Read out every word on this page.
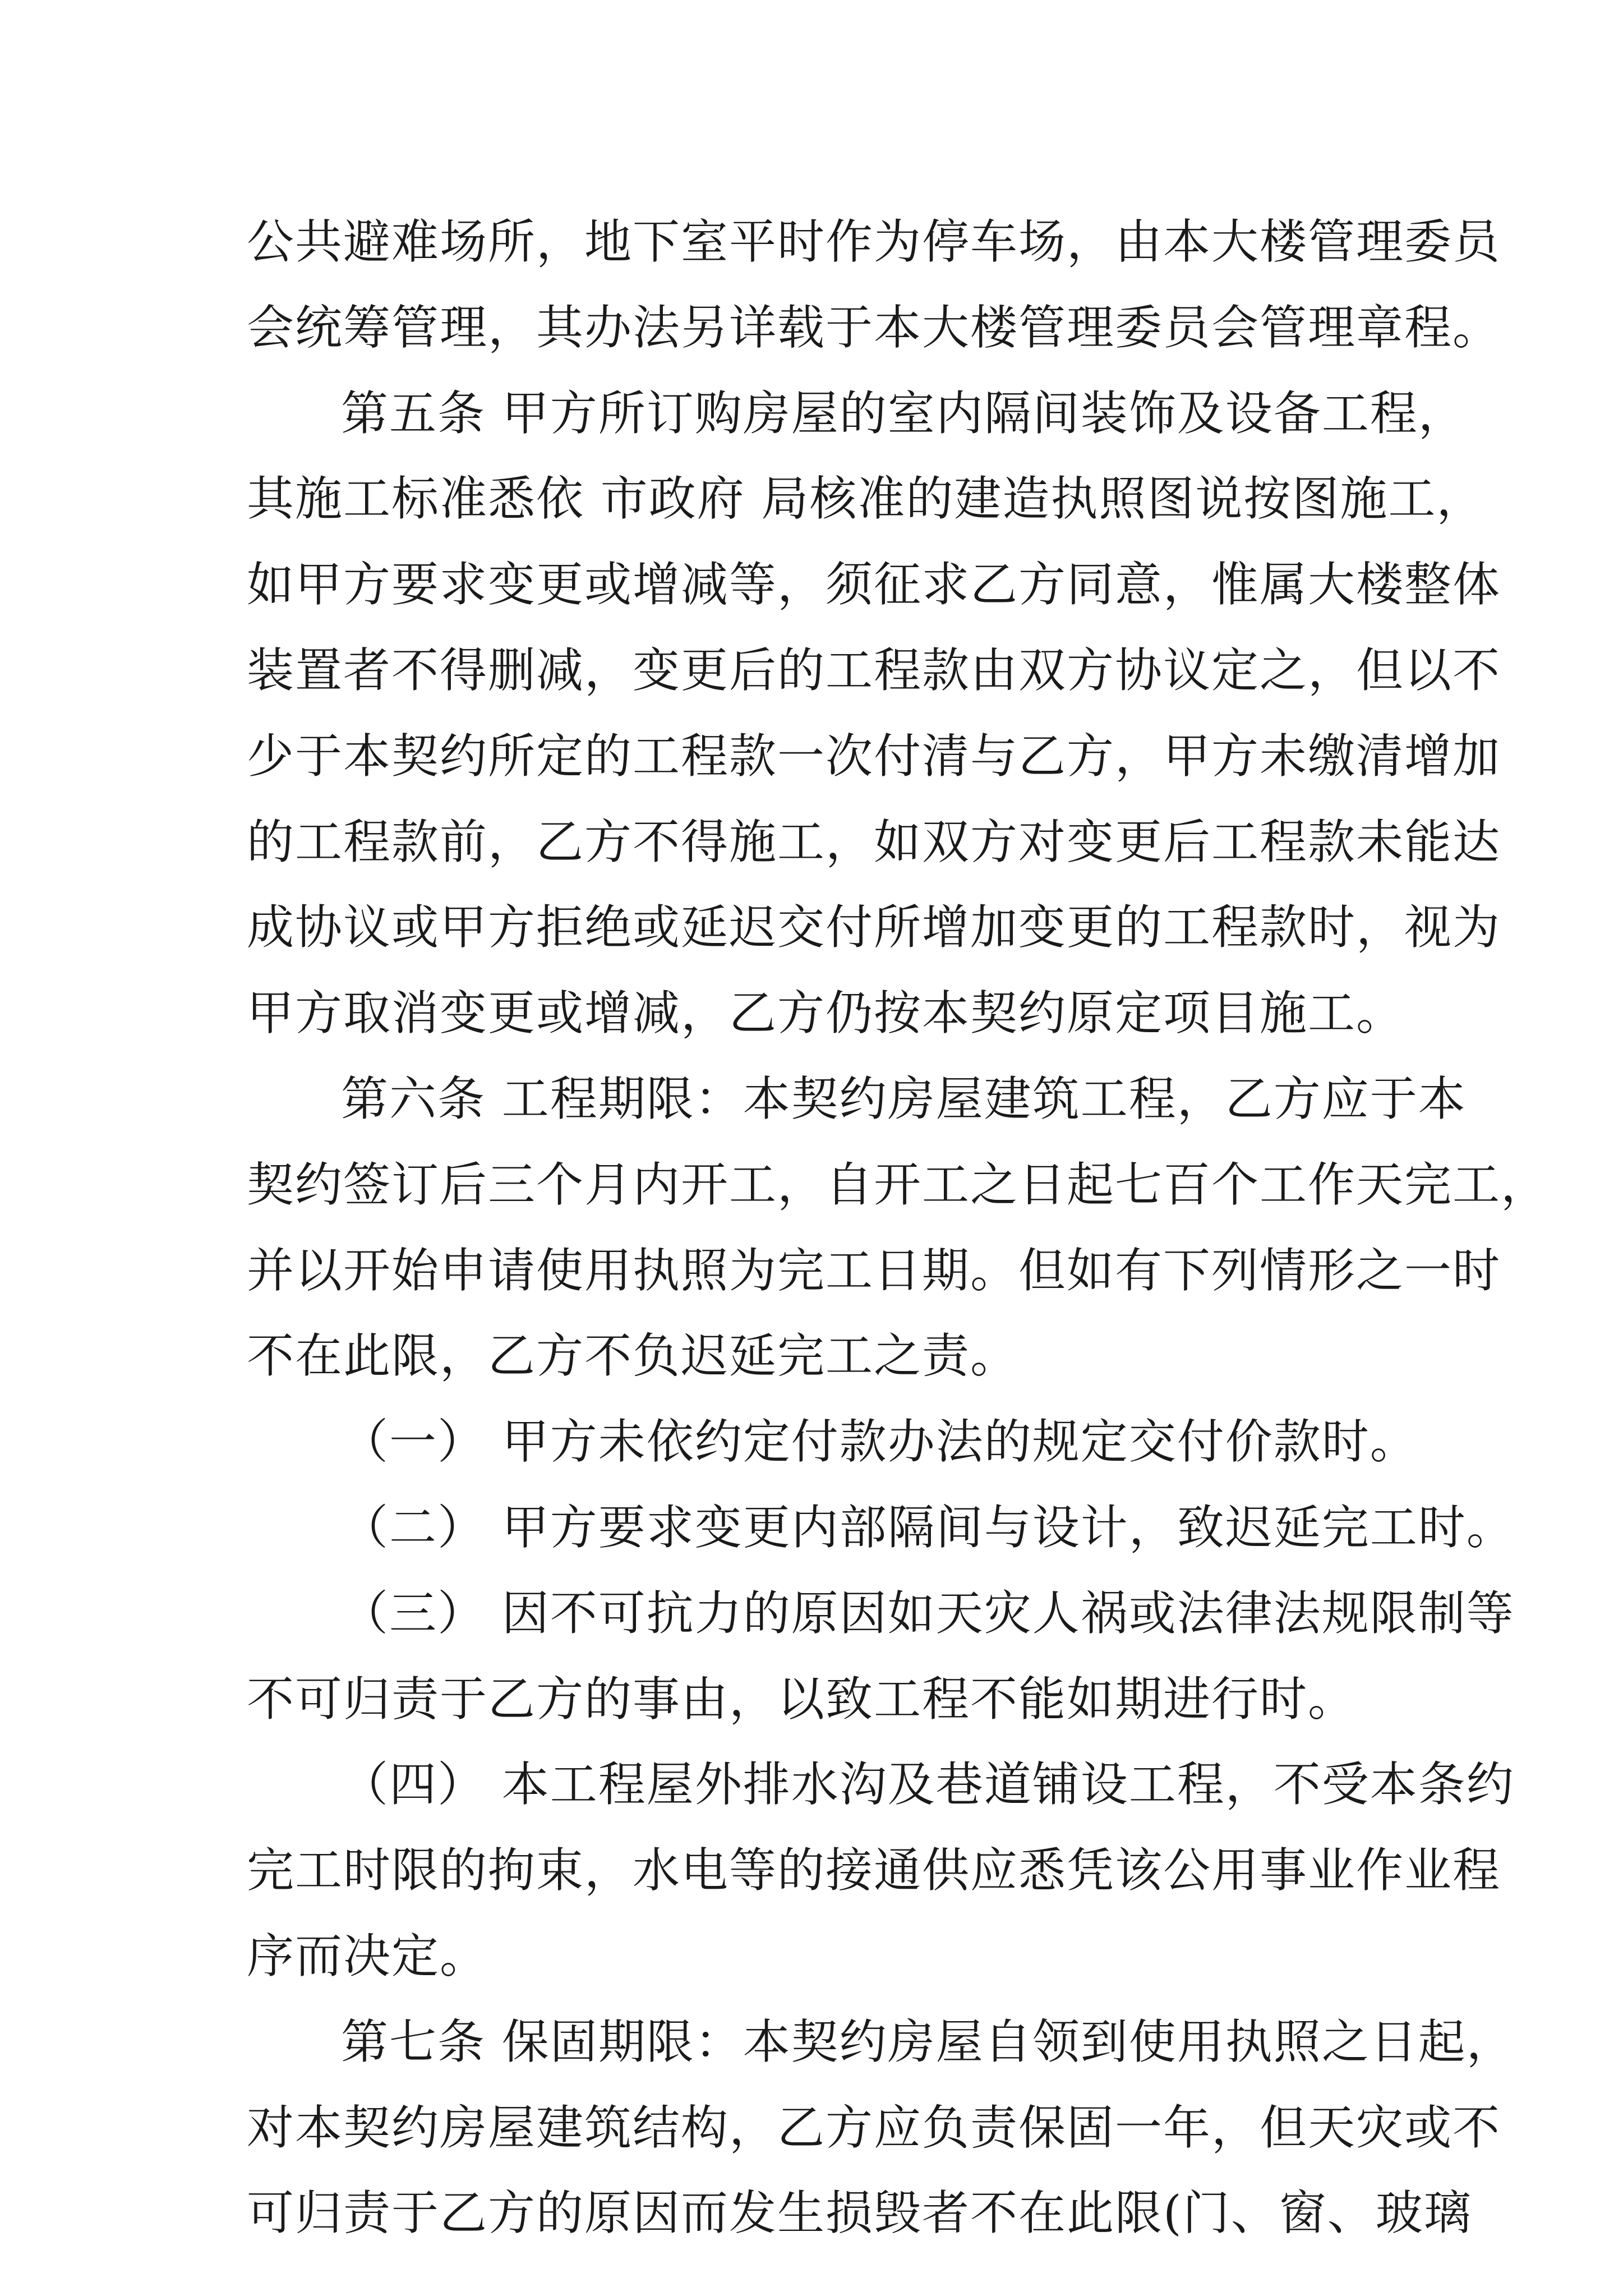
公共避难场所，地下室平时作为停车场，由本大楼管理委员
会统筹管理，其办法另详载于本大楼管理委员会管理章程。
第五条 甲方所订购房屋的室内隔间装饰及设备工程，
其施工标准悉依 市政府 局核准的建造执照图说按图施工，
如甲方要求变更或增减等，须征求乙方同意，惟属大楼整体
装置者不得删减，变更后的工程款由双方协议定之，但以不
少于本契约所定的工程款一次付清与乙方，甲方未缴清增加
的工程款前，乙方不得施工，如双方对变更后工程款未能达
成协议或甲方拒绝或延迟交付所增加变更的工程款时，视为
甲方取消变更或增减，乙方仍按本契约原定项目施工。
第六条 工程期限：本契约房屋建筑工程，乙方应于本
契约签订后三个月内开工，自开工之日起七百个工作天完工，
并以开始申请使用执照为完工日期。但如有下列情形之一时
不在此限，乙方不负迟延完工之责。
（一） 甲方未依约定付款办法的规定交付价款时。
（二） 甲方要求变更内部隔间与设计，致迟延完工时。
（三） 因不可抗力的原因如天灾人祸或法律法规限制等
不可归责于乙方的事由，以致工程不能如期进行时。
（四） 本工程屋外排水沟及巷道铺设工程，不受本条约
完工时限的拘束，水电等的接通供应悉凭该公用事业作业程
序而决定。
第七条 保固期限：本契约房屋自领到使用执照之日起，
对本契约房屋建筑结构，乙方应负责保固一年，但天灾或不
可归责于乙方的原因而发生损毁者不在此限(门、窗、玻璃
